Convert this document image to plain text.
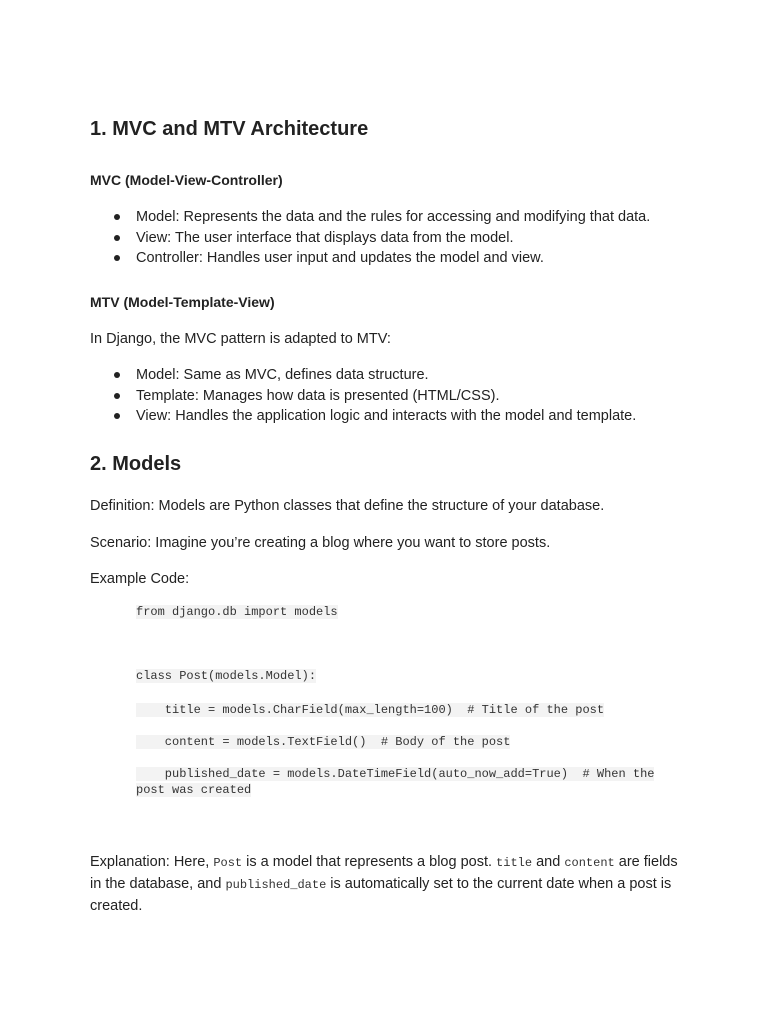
1. MVC and MTV Architecture
MVC (Model-View-Controller)
Model: Represents the data and the rules for accessing and modifying that data.
View: The user interface that displays data from the model.
Controller: Handles user input and updates the model and view.
MTV (Model-Template-View)

In Django, the MVC pattern is adapted to MTV:

Model: Same as MVC, defines data structure.
Template: Manages how data is presented (HTML/CSS).
View: Handles the application logic and interacts with the model and template.
2. Models

Definition: Models are Python classes that define the structure of your database.

Scenario: Imagine you’re creating a blog where you want to store posts.

Example Code:

from django.db import models
class Post(models.Model):
title = models.CharField(max_length=100)  # Title of the post
content = models.TextField()  # Body of the post
published_date = models.DateTimeField(auto_now_add=True)  # When the
post was created

Explanation: Here, Post is a model that represents a blog post. title and content are fields in the database, and published_date is automatically set to the current date when a post is created.
